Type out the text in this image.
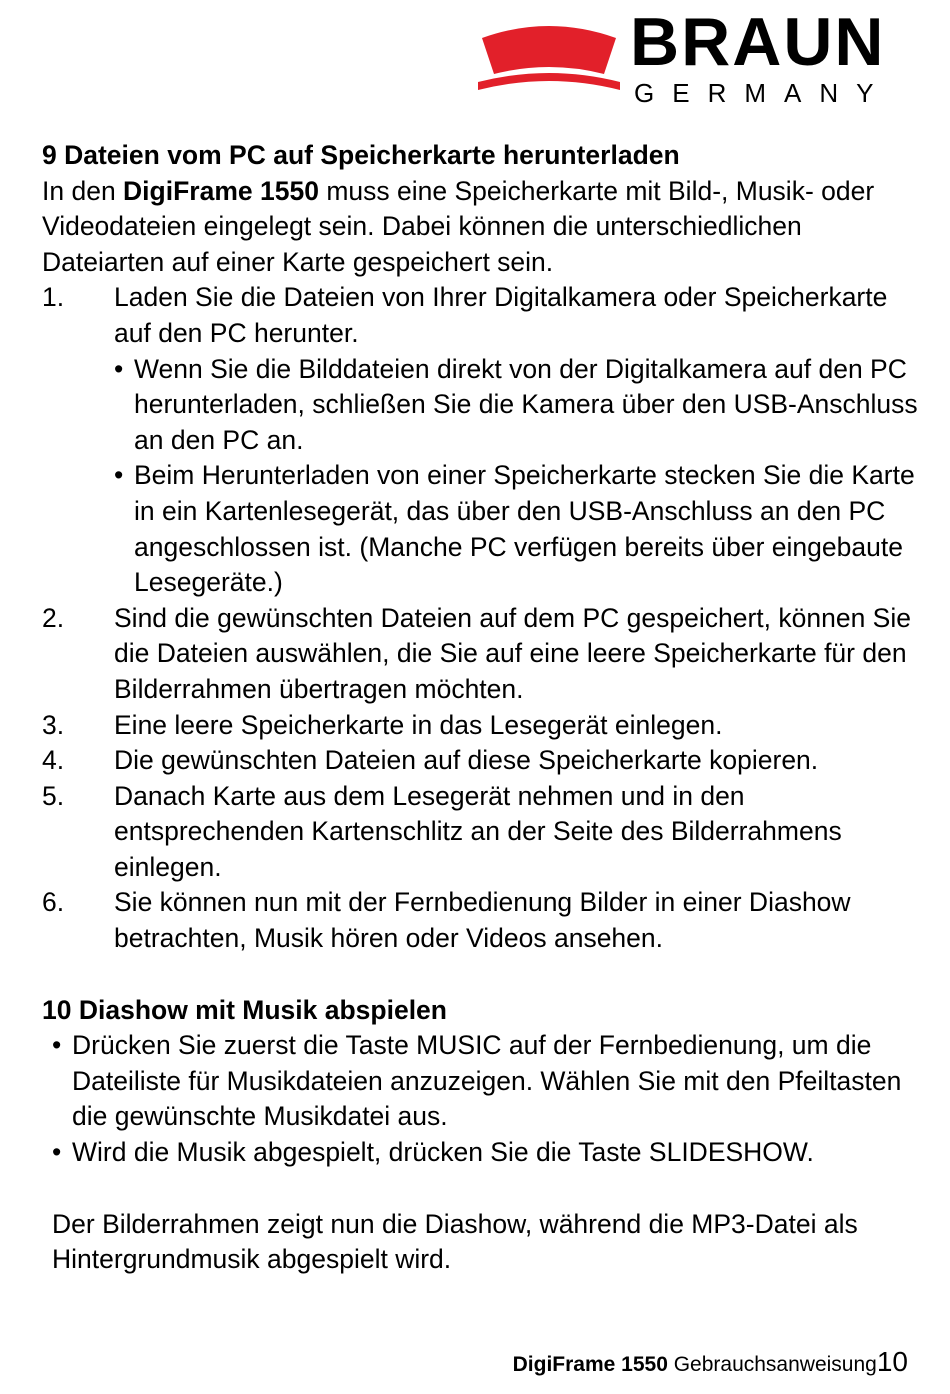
BRAUN
GERMANY
9 Dateien vom PC auf Speicherkarte herunterladen
In den DigiFrame 1550 muss eine Speicherkarte mit Bild-, Musik- oder Videodateien eingelegt sein. Dabei können die unterschiedlichen Dateiarten auf einer Karte gespeichert sein.
1. Laden Sie die Dateien von Ihrer Digitalkamera oder Speicherkarte auf den PC herunter.
• Wenn Sie die Bilddateien direkt von der Digitalkamera auf den PC herunterladen, schließen Sie die Kamera über den USB-Anschluss an den PC an.
• Beim Herunterladen von einer Speicherkarte stecken Sie die Karte in ein Kartenlesegerät, das über den USB-Anschluss an den PC angeschlossen ist. (Manche PC verfügen bereits über eingebaute Lesegeräte.)
2. Sind die gewünschten Dateien auf dem PC gespeichert, können Sie die Dateien auswählen, die Sie auf eine leere Speicherkarte für den Bilderrahmen übertragen möchten.
3. Eine leere Speicherkarte in das Lesegerät einlegen.
4. Die gewünschten Dateien auf diese Speicherkarte kopieren.
5. Danach Karte aus dem Lesegerät nehmen und in den entsprechenden Kartenschlitz an der Seite des Bilderrahmens einlegen.
6. Sie können nun mit der Fernbedienung Bilder in einer Diashow betrachten, Musik hören oder Videos ansehen.
10 Diashow mit Musik abspielen
• Drücken Sie zuerst die Taste MUSIC auf der Fernbedienung, um die Dateiliste für Musikdateien anzuzeigen. Wählen Sie mit den Pfeiltasten die gewünschte Musikdatei aus.
• Wird die Musik abgespielt, drücken Sie die Taste SLIDESHOW.
Der Bilderrahmen zeigt nun die Diashow, während die MP3-Datei als Hintergrundmusik abgespielt wird.
DigiFrame 1550 Gebrauchsanweisung10
